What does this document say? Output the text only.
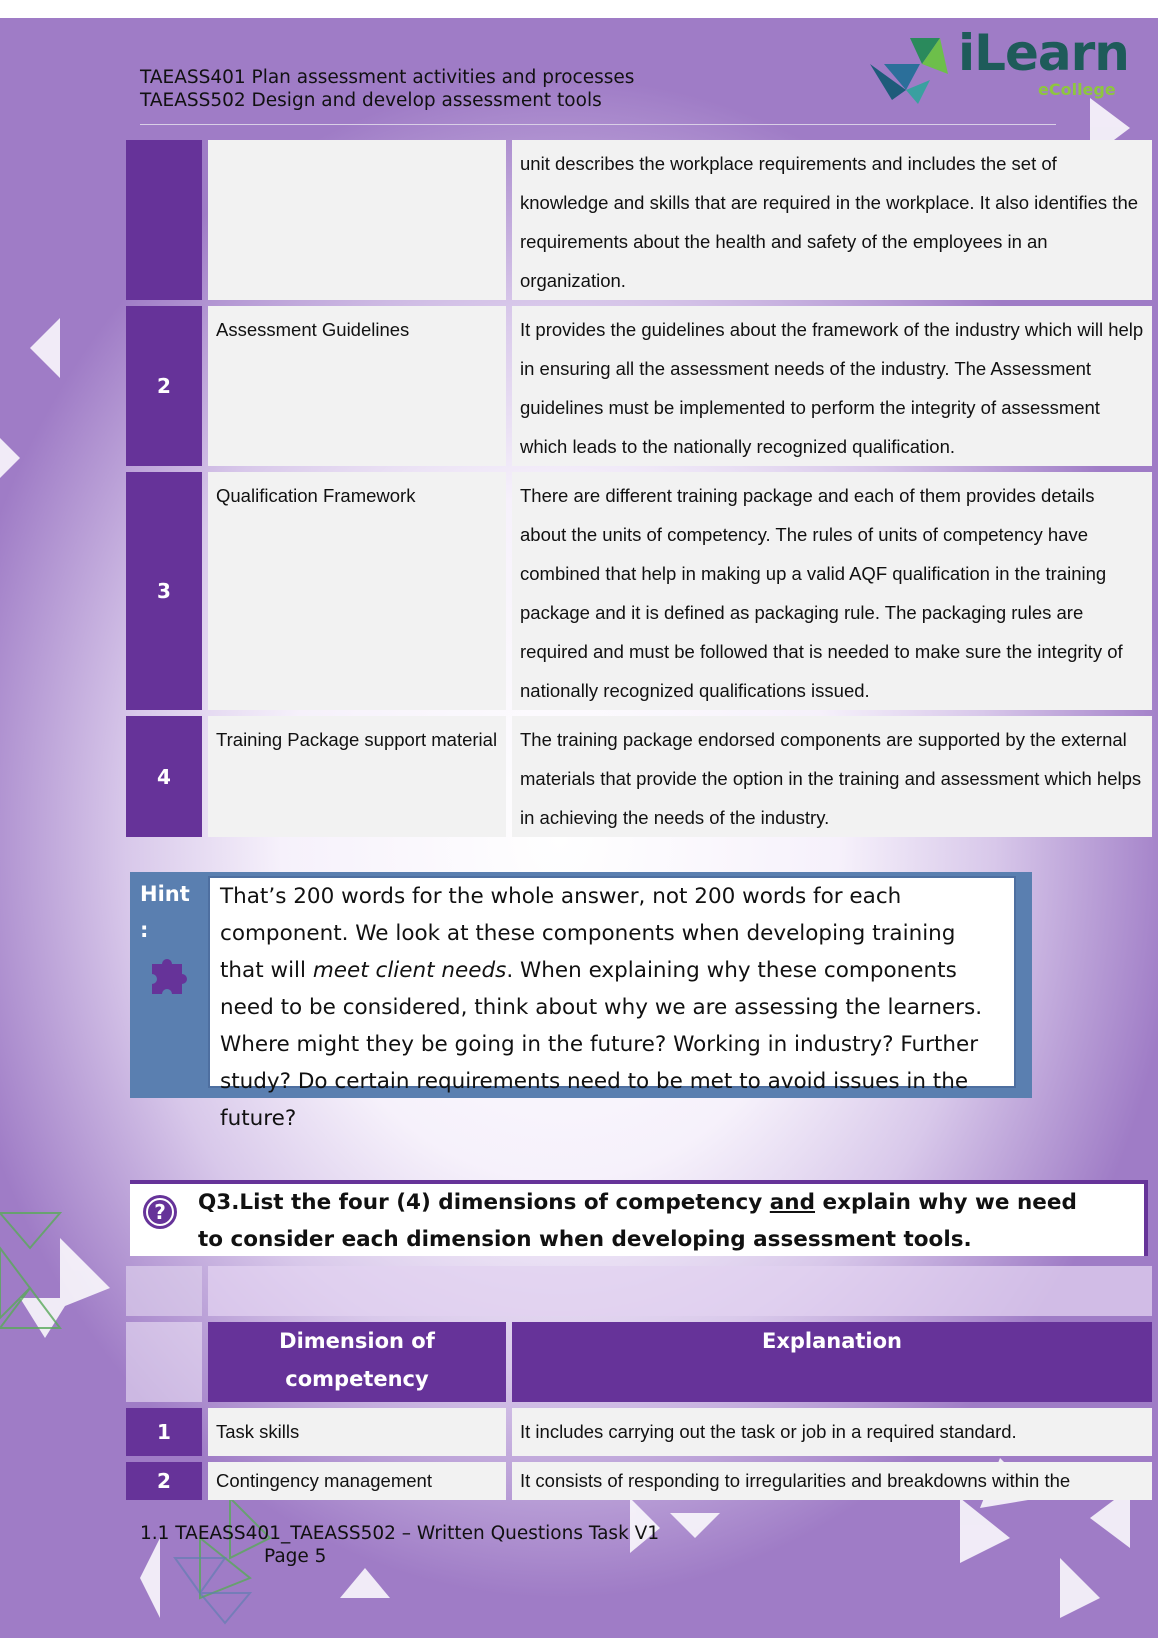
TAEASS401 Plan assessment activities and processes
TAEASS502 Design and develop assessment tools
iLearn
eCollege
		unit describes the workplace requirements and includes the set of knowledge and skills that are required in the workplace. It also identifies the requirements about the health and safety of the employees in an organization.
2	Assessment Guidelines	It provides the guidelines about the framework of the industry which will help in ensuring all the assessment needs of the industry. The Assessment guidelines must be implemented to perform the integrity of assessment which leads to the nationally recognized qualification.
3	Qualification Framework	There are different training package and each of them provides details about the units of competency. The rules of units of competency have combined that help in making up a valid AQF qualification in the training package and it is defined as packaging rule. The packaging rules are required and must be followed that is needed to make sure the integrity of nationally recognized qualifications issued.
4	Training Package support material	The training package endorsed components are supported by the external materials that provide the option in the training and assessment which helps in achieving the needs of the industry.
Hint :
That’s 200 words for the whole answer, not 200 words for each component. We look at these components when developing training that will meet client needs. When explaining why these components need to be considered, think about why we are assessing the learners. Where might they be going in the future? Working in industry? Further study? Do certain requirements need to be met to avoid issues in the future?
? Q3.List the four (4) dimensions of competency and explain why we need to consider each dimension when developing assessment tools.

	Dimension of competency	Explanation
1	Task skills	It includes carrying out the task or job in a required standard.
2	Contingency management	It consists of responding to irregularities and breakdowns within the
1.1 TAEASS401_TAEASS502 – Written Questions Task V1
Page 5
